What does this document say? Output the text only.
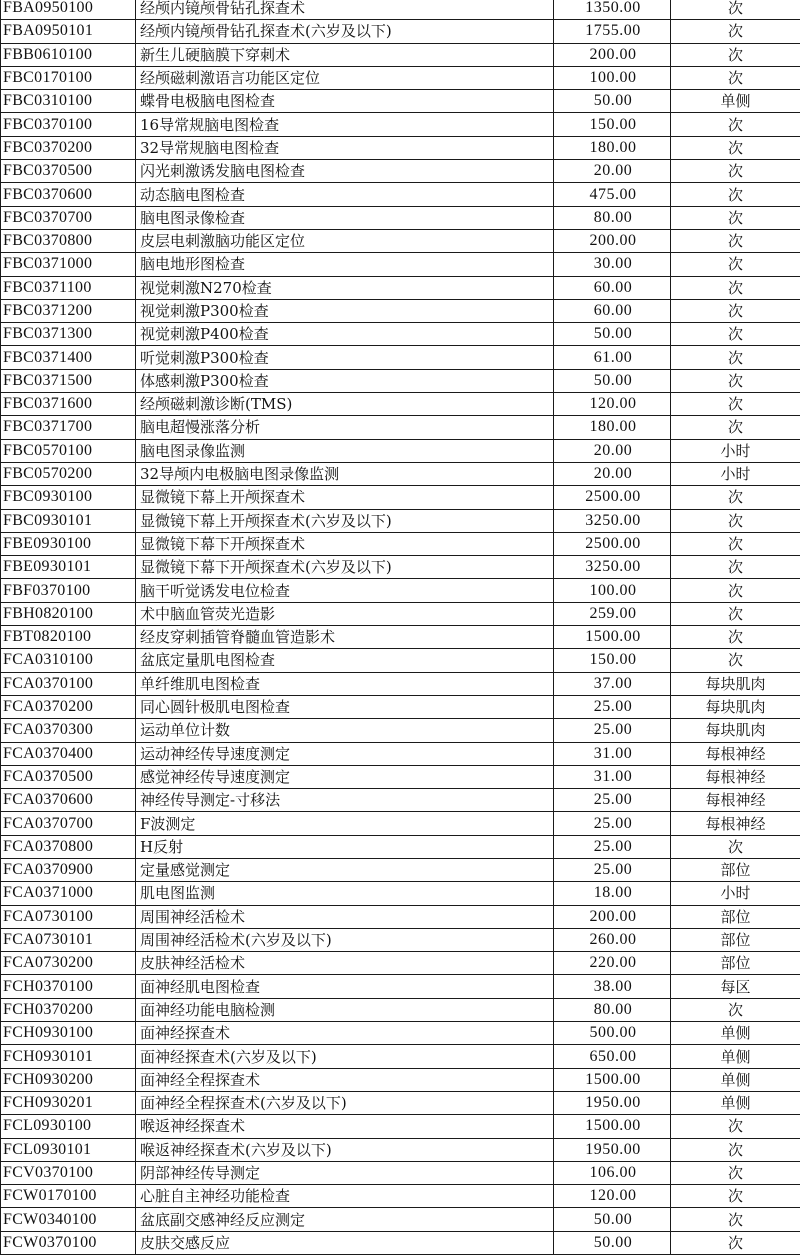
FBA0950100	经颅内镜颅骨钻孔探查术	1350.00	次
FBA0950101	经颅内镜颅骨钻孔探查术(六岁及以下)	1755.00	次
FBB0610100	新生儿硬脑膜下穿刺术	200.00	次
FBC0170100	经颅磁刺激语言功能区定位	100.00	次
FBC0310100	蝶骨电极脑电图检查	50.00	单侧
FBC0370100	16导常规脑电图检查	150.00	次
FBC0370200	32导常规脑电图检查	180.00	次
FBC0370500	闪光刺激诱发脑电图检查	20.00	次
FBC0370600	动态脑电图检查	475.00	次
FBC0370700	脑电图录像检查	80.00	次
FBC0370800	皮层电刺激脑功能区定位	200.00	次
FBC0371000	脑电地形图检查	30.00	次
FBC0371100	视觉刺激N270检查	60.00	次
FBC0371200	视觉刺激P300检查	60.00	次
FBC0371300	视觉刺激P400检查	50.00	次
FBC0371400	听觉刺激P300检查	61.00	次
FBC0371500	体感刺激P300检查	50.00	次
FBC0371600	经颅磁刺激诊断(TMS)	120.00	次
FBC0371700	脑电超慢涨落分析	180.00	次
FBC0570100	脑电图录像监测	20.00	小时
FBC0570200	32导颅内电极脑电图录像监测	20.00	小时
FBC0930100	显微镜下幕上开颅探查术	2500.00	次
FBC0930101	显微镜下幕上开颅探查术(六岁及以下)	3250.00	次
FBE0930100	显微镜下幕下开颅探查术	2500.00	次
FBE0930101	显微镜下幕下开颅探查术(六岁及以下)	3250.00	次
FBF0370100	脑干听觉诱发电位检查	100.00	次
FBH0820100	术中脑血管荧光造影	259.00	次
FBT0820100	经皮穿刺插管脊髓血管造影术	1500.00	次
FCA0310100	盆底定量肌电图检查	150.00	次
FCA0370100	单纤维肌电图检查	37.00	每块肌肉
FCA0370200	同心圆针极肌电图检查	25.00	每块肌肉
FCA0370300	运动单位计数	25.00	每块肌肉
FCA0370400	运动神经传导速度测定	31.00	每根神经
FCA0370500	感觉神经传导速度测定	31.00	每根神经
FCA0370600	神经传导测定-寸移法	25.00	每根神经
FCA0370700	F波测定	25.00	每根神经
FCA0370800	H反射	25.00	次
FCA0370900	定量感觉测定	25.00	部位
FCA0371000	肌电图监测	18.00	小时
FCA0730100	周围神经活检术	200.00	部位
FCA0730101	周围神经活检术(六岁及以下)	260.00	部位
FCA0730200	皮肤神经活检术	220.00	部位
FCH0370100	面神经肌电图检查	38.00	每区
FCH0370200	面神经功能电脑检测	80.00	次
FCH0930100	面神经探查术	500.00	单侧
FCH0930101	面神经探查术(六岁及以下)	650.00	单侧
FCH0930200	面神经全程探查术	1500.00	单侧
FCH0930201	面神经全程探查术(六岁及以下)	1950.00	单侧
FCL0930100	喉返神经探查术	1500.00	次
FCL0930101	喉返神经探查术(六岁及以下)	1950.00	次
FCV0370100	阴部神经传导测定	106.00	次
FCW0170100	心脏自主神经功能检查	120.00	次
FCW0340100	盆底副交感神经反应测定	50.00	次
FCW0370100	皮肤交感反应	50.00	次
